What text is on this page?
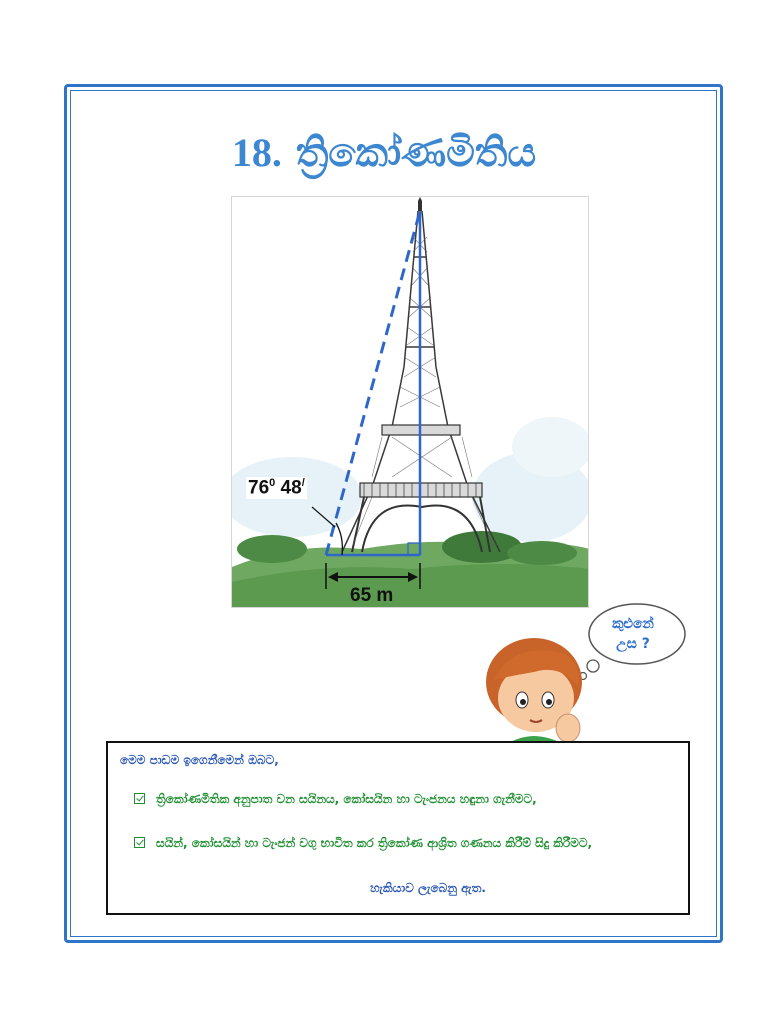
18. ත්‍රිකෝණමිතිය
$76^0$ 48/
65 m
කුළුනේ
උස ?
මෙම පාඩම ඉගෙනීමෙන් ඔබට,
ත්‍රිකෝණමිතික අනුපාත වන සයිනය, කෝසයින හා ටැංජනය හඳුනා ගැනීමට,
සයින්, කෝසයින් හා ටැංජන් වගු භාවිත කර ත්‍රිකෝණ ආශ්‍රිත ගණනය කිරීම් සිදු කිරීමට,
හැකියාව ලැබෙනු ඇත.
